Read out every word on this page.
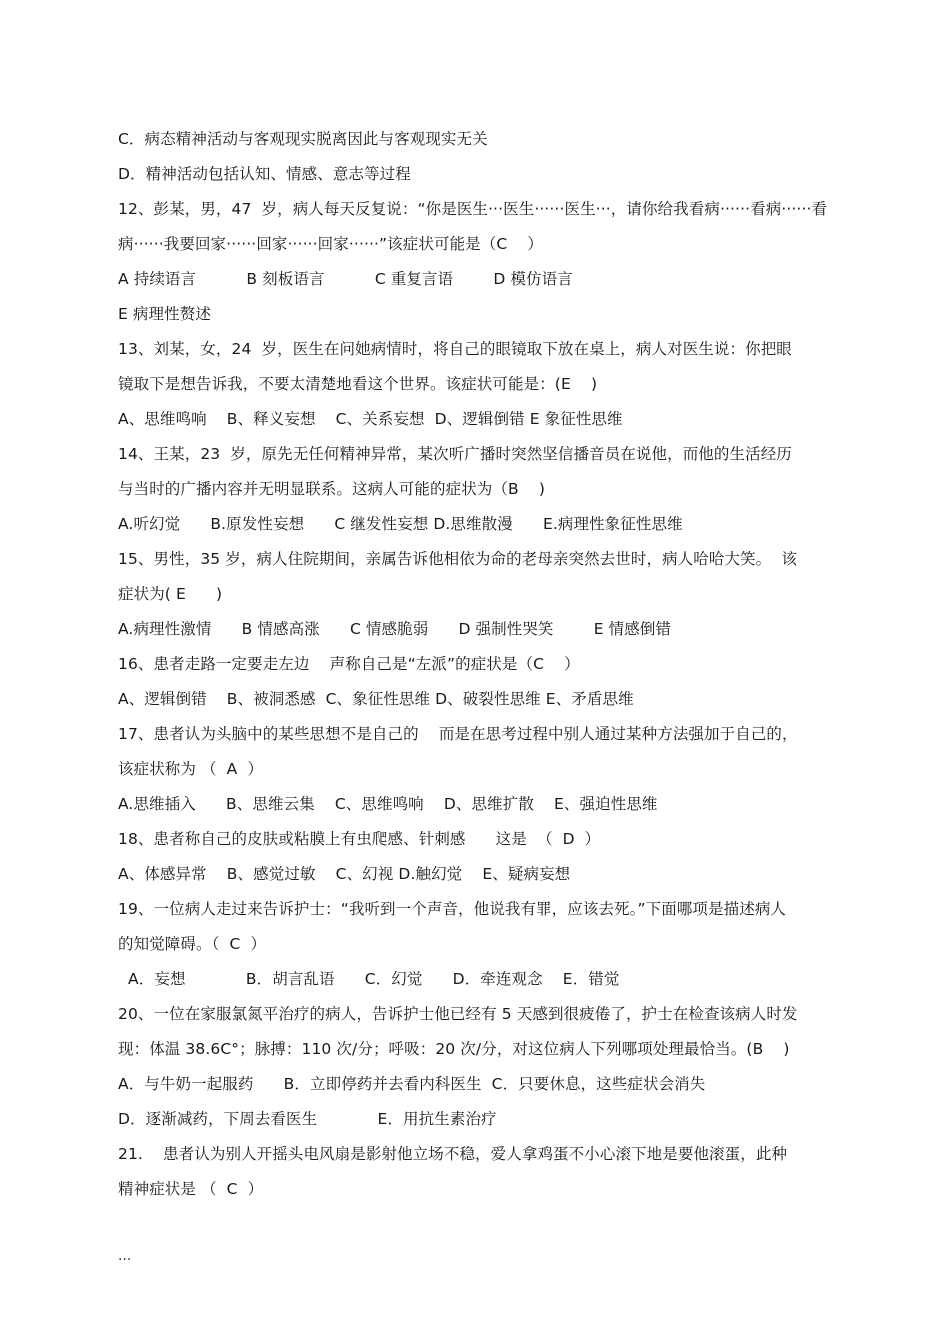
C．病态精神活动与客观现实脱离因此与客观现实无关
D．精神活动包括认知、情感、意志等过程
12、彭某，男，47  岁，病人每天反复说：“你是医生···医生······医生···，请你给我看病······看病······看
病······我要回家······回家······回家······”该症状可能是（C    ）
A 持续语言          B 刻板语言          C 重复言语        D 模仿语言
E 病理性赘述
13、刘某，女，24  岁，医生在问她病情时，将自己的眼镜取下放在桌上，病人对医生说：你把眼
镜取下是想告诉我，不要太清楚地看这个世界。该症状可能是：(E    )
A、思维鸣响    B、释义妄想    C、关系妄想  D、逻辑倒错 E 象征性思维
14、王某，23  岁，原先无任何精神异常，某次听广播时突然坚信播音员在说他，而他的生活经历
与当时的广播内容并无明显联系。这病人可能的症状为（B    )
A.听幻觉      B.原发性妄想      C 继发性妄想 D.思维散漫      E.病理性象征性思维
15、男性，35 岁，病人住院期间，亲属告诉他相依为命的老母亲突然去世时，病人哈哈大笑。  该
症状为( E      )
A.病理性激情      B 情感高涨      C 情感脆弱      D 强制性哭笑        E 情感倒错
16、患者走路一定要走左边    声称自己是“左派”的症状是（C    ）
A、逻辑倒错    B、被洞悉感  C、象征性思维 D、破裂性思维 E、矛盾思维
17、患者认为头脑中的某些思想不是自己的    而是在思考过程中别人通过某种方法强加于自己的，
该症状称为 （  A  ）
A.思维插入      B、思维云集    C、思维鸣响    D、思维扩散    E、强迫性思维
18、患者称自己的皮肤或粘膜上有虫爬感、针刺感      这是  （  D  ）
A、体感异常    B、感觉过敏    C、幻视 D.触幻觉    E、疑病妄想
19、一位病人走过来告诉护士：“我听到一个声音，他说我有罪，应该去死。”下面哪项是描述病人
的知觉障碍。（  C  ）
A．妄想            B．胡言乱语      C．幻觉      D．牵连观念    E．错觉
20、一位在家服氯氮平治疗的病人，告诉护士他已经有 5 天感到很疲倦了，护士在检查该病人时发
现：体温 38.6C°；脉搏：110 次/分；呼吸：20 次/分，对这位病人下列哪项处理最恰当。(B    )
A．与牛奶一起服药      B．立即停药并去看内科医生  C．只要休息，这些症状会消失
D．逐渐减药，下周去看医生            E．用抗生素治疗
21.    患者认为别人开摇头电风扇是影射他立场不稳，爱人拿鸡蛋不小心滚下地是要他滚蛋，此种
精神症状是 （  C  ）
...
